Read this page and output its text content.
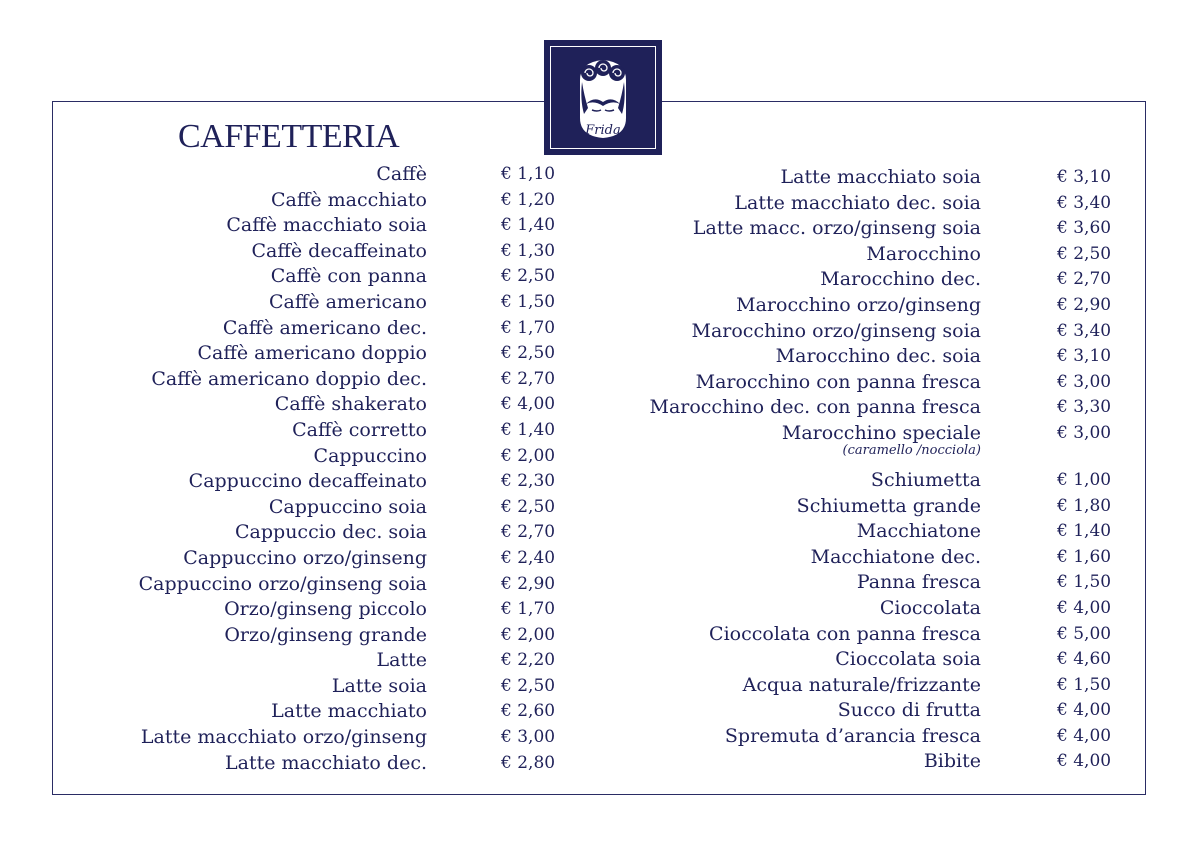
Frida
CAFFETTERIA
Caffè	€ 1,10
Caffè macchiato	€ 1,20
Caffè macchiato soia	€ 1,40
Caffè decaffeinato	€ 1,30
Caffè con panna	€ 2,50
Caffè americano	€ 1,50
Caffè americano dec.	€ 1,70
Caffè americano doppio	€ 2,50
Caffè americano doppio dec.	€ 2,70
Caffè shakerato	€ 4,00
Caffè corretto	€ 1,40
Cappuccino	€ 2,00
Cappuccino decaffeinato	€ 2,30
Cappuccino soia	€ 2,50
Cappuccio dec. soia	€ 2,70
Cappuccino orzo/ginseng	€ 2,40
Cappuccino orzo/ginseng soia	€ 2,90
Orzo/ginseng piccolo	€ 1,70
Orzo/ginseng grande	€ 2,00
Latte	€ 2,20
Latte soia	€ 2,50
Latte macchiato	€ 2,60
Latte macchiato orzo/ginseng	€ 3,00
Latte macchiato dec.	€ 2,80
Latte macchiato soia	€ 3,10
Latte macchiato dec. soia	€ 3,40
Latte macc. orzo/ginseng soia	€ 3,60
Marocchino	€ 2,50
Marocchino dec.	€ 2,70
Marocchino orzo/ginseng	€ 2,90
Marocchino orzo/ginseng soia	€ 3,40
Marocchino dec. soia	€ 3,10
Marocchino con panna fresca	€ 3,00
Marocchino dec. con panna fresca	€ 3,30
Marocchino speciale	€ 3,00
(caramello /nocciola)
Schiumetta	€ 1,00
Schiumetta grande	€ 1,80
Macchiatone	€ 1,40
Macchiatone dec.	€ 1,60
Panna fresca	€ 1,50
Cioccolata	€ 4,00
Cioccolata con panna fresca	€ 5,00
Cioccolata soia	€ 4,60
Acqua naturale/frizzante	€ 1,50
Succo di frutta	€ 4,00
Spremuta d’arancia fresca	€ 4,00
Bibite	€ 4,00
